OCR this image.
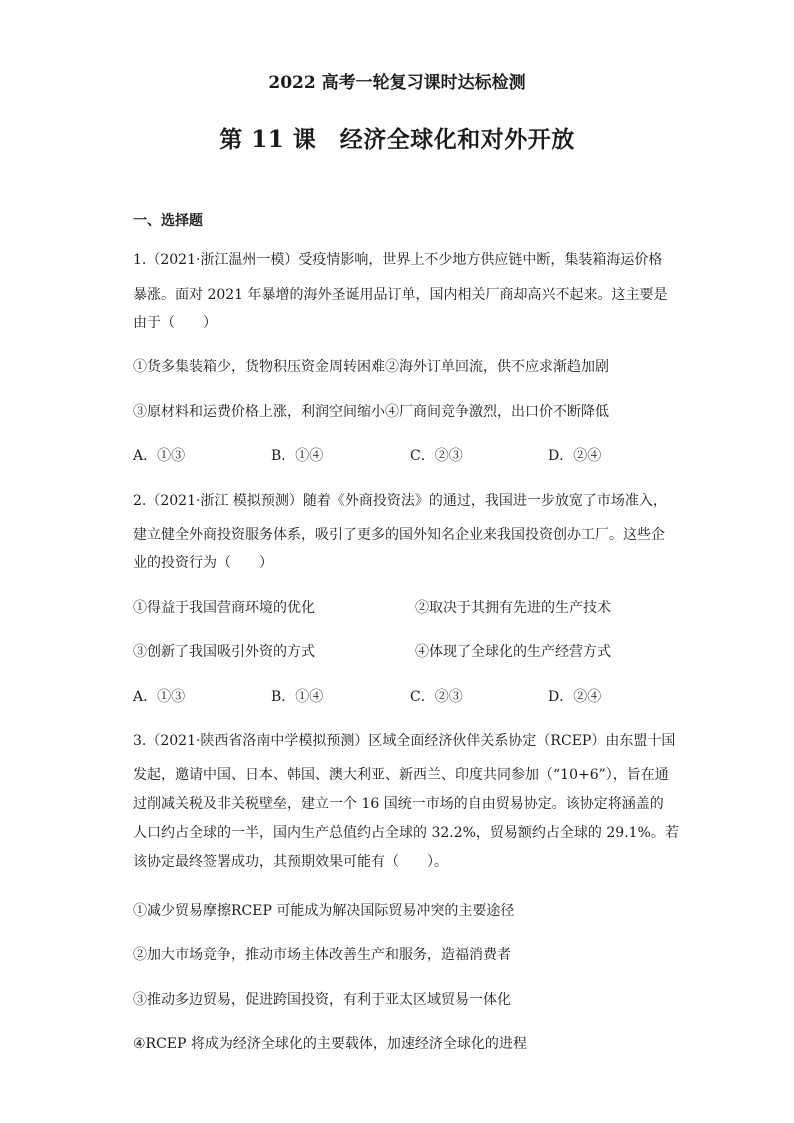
2022 高考一轮复习课时达标检测
第 11 课　经济全球化和对外开放
一、选择题
1.（2021·浙江温州一模）受疫情影响，世界上不少地方供应链中断，集装箱海运价格
暴涨。面对 2021 年暴增的海外圣诞用品订单，国内相关厂商却高兴不起来。这主要是
由于（　　）
①货多集装箱少，货物积压资金周转困难②海外订单回流，供不应求渐趋加剧
③原材料和运费价格上涨，利润空间缩小④厂商间竞争激烈，出口价不断降低
A．①③	B．①④	C．②③	D．②④
2.（2021·浙江 模拟预测）随着《外商投资法》的通过，我国进一步放宽了市场准入，
建立健全外商投资服务体系，吸引了更多的国外知名企业来我国投资创办工厂。这些企
业的投资行为（　　）
①得益于我国营商环境的优化	②取决于其拥有先进的生产技术
③创新了我国吸引外资的方式	④体现了全球化的生产经营方式
A．①③	B．①④	C．②③	D．②④
3.（2021·陕西省洛南中学模拟预测）区域全面经济伙伴关系协定（RCEP）由东盟十国
发起，邀请中国、日本、韩国、澳大利亚、新西兰、印度共同参加（“10+6”），旨在通
过削减关税及非关税壁垒，建立一个 16 国统一市场的自由贸易协定。该协定将涵盖的
人口约占全球的一半，国内生产总值约占全球的 32.2%，贸易额约占全球的 29.1%。若
该协定最终签署成功，其预期效果可能有（　　）。
①减少贸易摩擦RCEP 可能成为解决国际贸易冲突的主要途径
②加大市场竞争，推动市场主体改善生产和服务，造福消费者
③推动多边贸易，促进跨国投资，有利于亚太区域贸易一体化
④RCEP 将成为经济全球化的主要载体，加速经济全球化的进程
